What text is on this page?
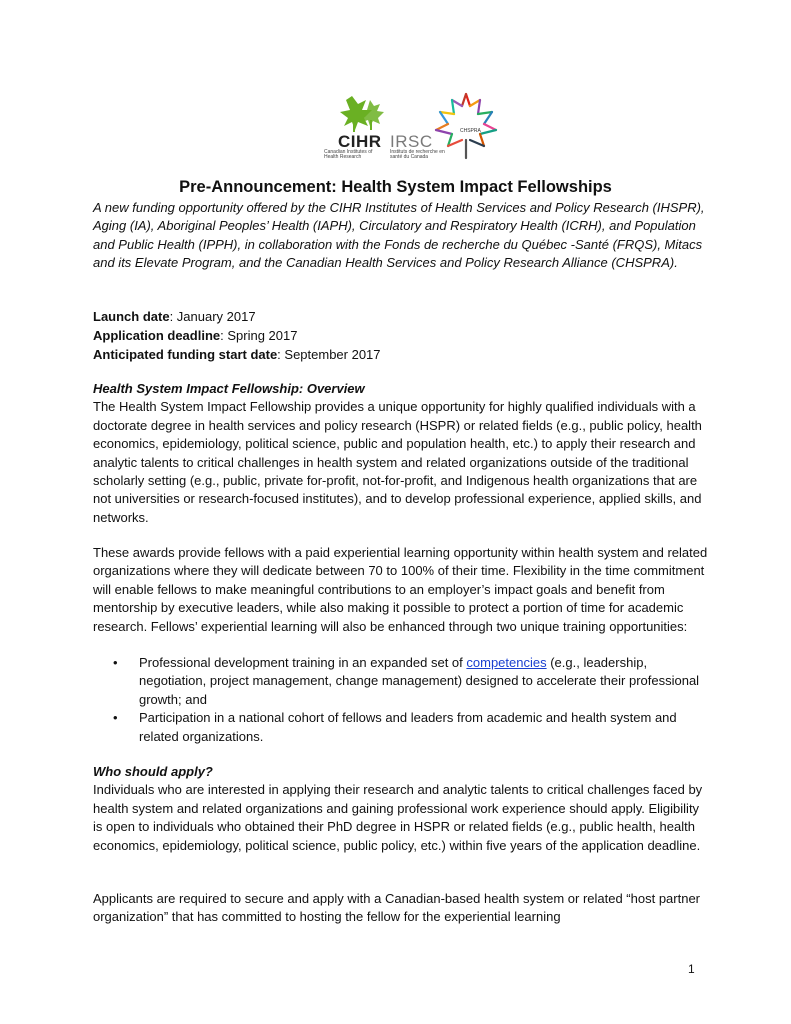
CIHR IRSC
Canadian Institutes of Health Research
Instituts de recherche en santé du Canada
CHSPRA
Pre-Announcement: Health System Impact Fellowships
A new funding opportunity offered by the CIHR Institutes of Health Services and Policy Research (IHSPR), Aging (IA), Aboriginal Peoples’ Health (IAPH), Circulatory and Respiratory Health (ICRH), and Population and Public Health (IPPH), in collaboration with the Fonds de recherche du Québec -Santé (FRQS), Mitacs and its Elevate Program, and the Canadian Health Services and Policy Research Alliance (CHSPRA).
Launch date: January 2017
Application deadline: Spring 2017
Anticipated funding start date: September 2017

Health System Impact Fellowship: Overview

The Health System Impact Fellowship provides a unique opportunity for highly qualified individuals with a doctorate degree in health services and policy research (HSPR) or related fields (e.g., public policy, health economics, epidemiology, political science, public and population health, etc.) to apply their research and analytic talents to critical challenges in health system and related organizations outside of the traditional scholarly setting (e.g., public, private for-profit, not-for-profit, and Indigenous health organizations that are not universities or research-focused institutes), and to develop professional experience, applied skills, and networks.

These awards provide fellows with a paid experiential learning opportunity within health system and related organizations where they will dedicate between 70 to 100% of their time. Flexibility in the time commitment will enable fellows to make meaningful contributions to an employer’s impact goals and benefit from mentorship by executive leaders, while also making it possible to protect a portion of time for academic research. Fellows’ experiential learning will also be enhanced through two unique training opportunities:
• Professional development training in an expanded set of competencies (e.g., leadership, negotiation, project management, change management) designed to accelerate their professional growth; and
• Participation in a national cohort of fellows and leaders from academic and health system and related organizations.

Who should apply?

Individuals who are interested in applying their research and analytic talents to critical challenges faced by health system and related organizations and gaining professional work experience should apply. Eligibility is open to individuals who obtained their PhD degree in HSPR or related fields (e.g., public health, health economics, epidemiology, political science, public policy, etc.) within five years of the application deadline.

Applicants are required to secure and apply with a Canadian-based health system or related “host partner organization” that has committed to hosting the fellow for the experiential learning
1
